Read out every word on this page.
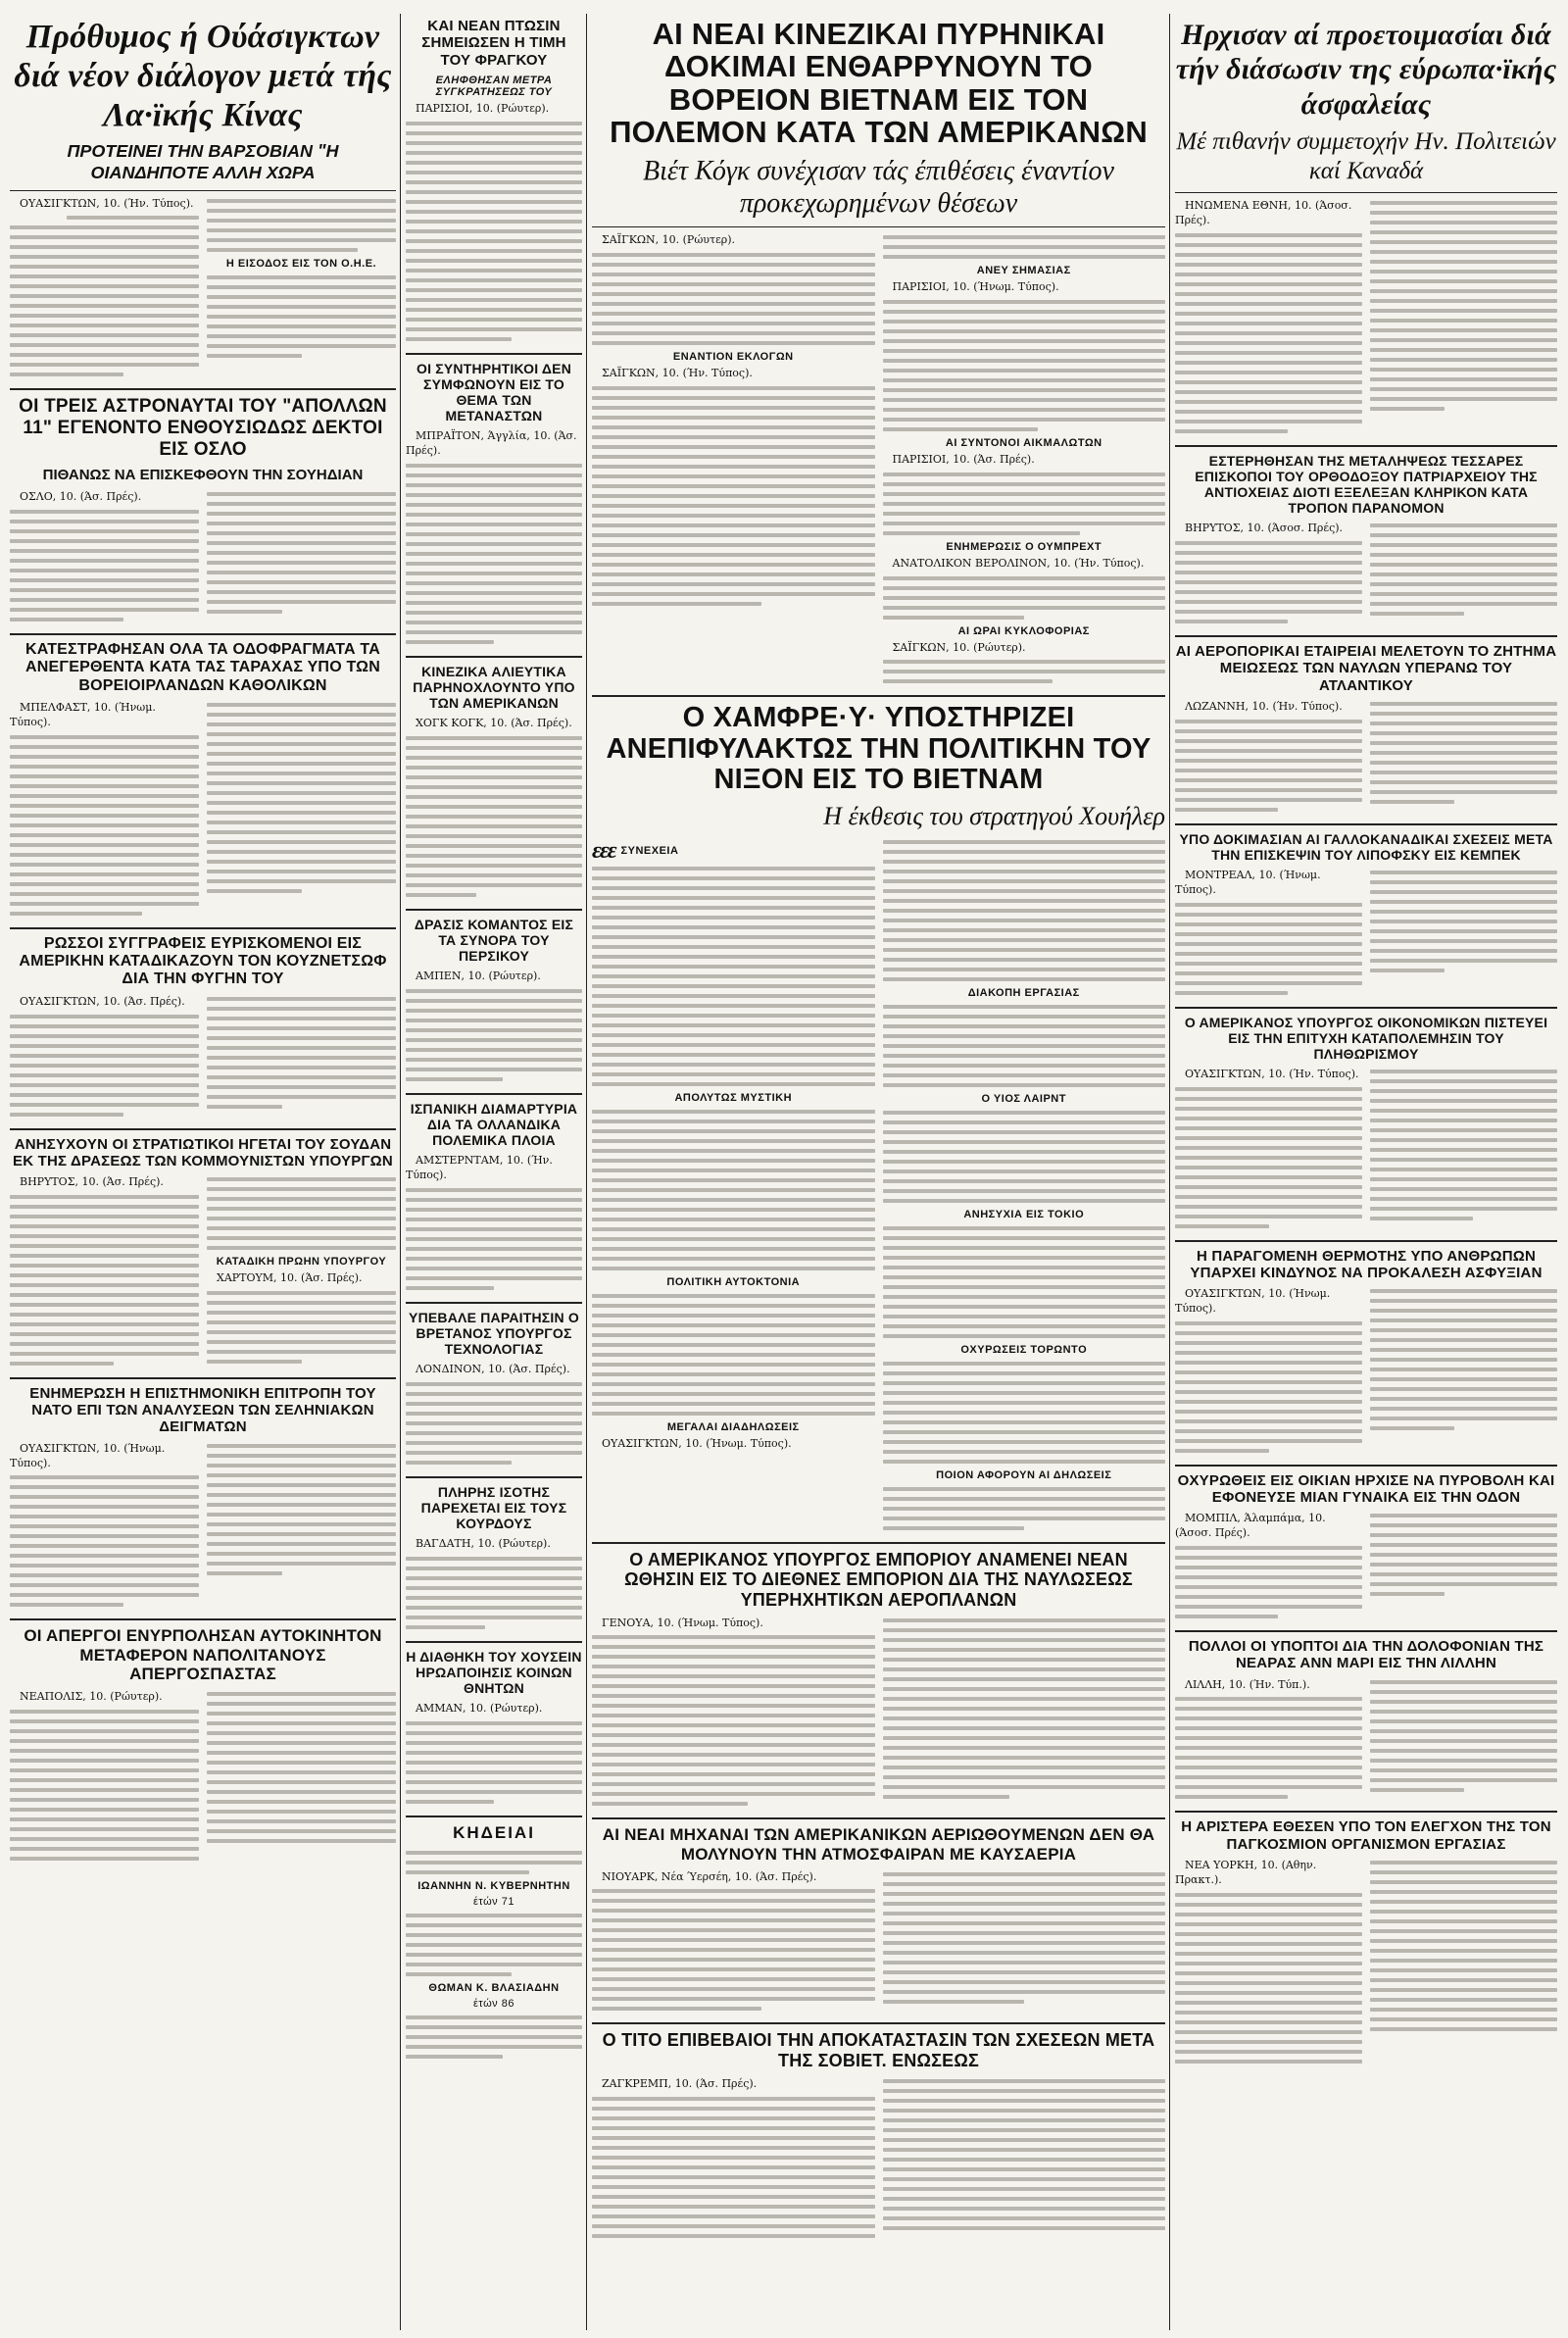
Πρόθυμος ή Ούάσιγκτων διά νέον διάλογον μετά τής Λα·ϊκής Κίνας
ΠΡΟΤΕΙΝΕΙ ΤΗΝ ΒΑΡΣΟΒΙΑΝ "Η ΟΙΑΝΔΗΠΟΤΕ ΑΛΛΗ ΧΩΡΑ
ΟΥΑΣΙΓΚΤΩΝ, 10. (Ήν. Τύπος).
Η ΕΙΣΟΔΟΣ ΕΙΣ ΤΟΝ Ο.Η.Ε.
ΟΙ ΤΡΕΙΣ ΑΣΤΡΟΝΑΥΤΑΙ ΤΟΥ "ΑΠΟΛΛΩΝ 11" ΕΓΕΝΟΝΤΟ ΕΝΘΟΥΣΙΩΔΩΣ ΔΕΚΤΟΙ ΕΙΣ ΟΣΛΟ
ΠΙΘΑΝΩΣ ΝΑ ΕΠΙΣΚΕΦΘΟΥΝ ΤΗΝ ΣΟΥΗΔΙΑΝ
ΟΣΛΟ, 10. (Άσ. Πρές).
ΚΑΤΕΣΤΡΑΦΗΣΑΝ ΟΛΑ ΤΑ ΟΔΟΦΡΑΓΜΑΤΑ ΤΑ ΑΝΕΓΕΡΘΕΝΤΑ ΚΑΤΑ ΤΑΣ ΤΑΡΑΧΑΣ ΥΠΟ ΤΩΝ ΒΟΡΕΙΟΙΡΛΑΝΔΩΝ ΚΑΘΟΛΙΚΩΝ
ΜΠΕΛΦΑΣΤ, 10. (Ήνωμ. Τύπος).
ΡΩΣΣΟΙ ΣΥΓΓΡΑΦΕΙΣ ΕΥΡΙΣΚΟΜΕΝΟΙ ΕΙΣ ΑΜΕΡΙΚΗΝ ΚΑΤΑΔΙΚΑΖΟΥΝ ΤΟΝ ΚΟΥΖΝΕΤΣΩΦ ΔΙΑ ΤΗΝ ΦΥΓΗΝ ΤΟΥ
ΟΥΑΣΙΓΚΤΩΝ, 10. (Άσ. Πρές).
ΑΝΗΣΥΧΟΥΝ ΟΙ ΣΤΡΑΤΙΩΤΙΚΟΙ ΗΓΕΤΑΙ ΤΟΥ ΣΟΥΔΑΝ ΕΚ ΤΗΣ ΔΡΑΣΕΩΣ ΤΩΝ ΚΟΜΜΟΥΝΙΣΤΩΝ ΥΠΟΥΡΓΩΝ
ΒΗΡΥΤΟΣ, 10. (Άσ. Πρές).
ΚΑΤΑΔΙΚΗ ΠΡΩΗΝ ΥΠΟΥΡΓΟΥ
ΧΑΡΤΟΥΜ, 10. (Άσ. Πρές).
ΕΝΗΜΕΡΩΣΗ Η ΕΠΙΣΤΗΜΟΝΙΚΗ ΕΠΙΤΡΟΠΗ ΤΟΥ ΝΑΤΟ ΕΠΙ ΤΩΝ ΑΝΑΛΥΣΕΩΝ ΤΩΝ ΣΕΛΗΝΙΑΚΩΝ ΔΕΙΓΜΑΤΩΝ
ΟΥΑΣΙΓΚΤΩΝ, 10. (Ήνωμ. Τύπος).
ΟΙ ΑΠΕΡΓΟΙ ΕΝΥΡΠΟΛΗΣΑΝ ΑΥΤΟΚΙΝΗΤΟΝ ΜΕΤΑΦΕΡΟΝ ΝΑΠΟΛΙΤΑΝΟΥΣ ΑΠΕΡΓΟΣΠΑΣΤΑΣ
ΝΕΑΠΟΛΙΣ, 10. (Ρώυτερ).
ΚΑΙ ΝΕΑΝ ΠΤΩΣΙΝ ΣΗΜΕΙΩΣΕΝ Η ΤΙΜΗ ΤΟΥ ΦΡΑΓΚΟΥ
ΕΛΗΦΘΗΣΑΝ ΜΕΤΡΑ ΣΥΓΚΡΑΤΗΣΕΩΣ ΤΟΥ
ΠΑΡΙΣΙΟΙ, 10. (Ρώυτερ).
ΟΙ ΣΥΝΤΗΡΗΤΙΚΟΙ ΔΕΝ ΣΥΜΦΩΝΟΥΝ ΕΙΣ ΤΟ ΘΕΜΑ ΤΩΝ ΜΕΤΑΝΑΣΤΩΝ
ΜΠΡΑΪΤΟΝ, Άγγλία, 10. (Άσ. Πρές).
ΚΙΝΕΖΙΚΑ ΑΛΙΕΥΤΙΚΑ ΠΑΡΗΝΟΧΛΟΥΝΤΟ ΥΠΟ ΤΩΝ ΑΜΕΡΙΚΑΝΩΝ
ΧΟΓΚ ΚΟΓΚ, 10. (Άσ. Πρές).
ΔΡΑΣΙΣ ΚΟΜΑΝΤΟΣ ΕΙΣ ΤΑ ΣΥΝΟΡΑ ΤΟΥ ΠΕΡΣΙΚΟΥ
ΑΜΠΕΝ, 10. (Ρώυτερ).
ΙΣΠΑΝΙΚΗ ΔΙΑΜΑΡΤΥΡΙΑ ΔΙΑ ΤΑ ΟΛΛΑΝΔΙΚΑ ΠΟΛΕΜΙΚΑ ΠΛΟΙΑ
ΑΜΣΤΕΡΝΤΑΜ, 10. (Ήν. Τύπος).
ΥΠΕΒΑΛΕ ΠΑΡΑΙΤΗΣΙΝ Ο ΒΡΕΤΑΝΟΣ ΥΠΟΥΡΓΟΣ ΤΕΧΝΟΛΟΓΙΑΣ
ΛΟΝΔΙΝΟΝ, 10. (Άσ. Πρές).
ΠΛΗΡΗΣ ΙΣΟΤΗΣ ΠΑΡΕΧΕΤΑΙ ΕΙΣ ΤΟΥΣ ΚΟΥΡΔΟΥΣ
ΒΑΓΔΑΤΗ, 10. (Ρώυτερ).
Η ΔΙΑΘΗΚΗ ΤΟΥ ΧΟΥΣΕΙΝ ΗΡΩΑΠΟΙΗΣΙΣ ΚΟΙΝΩΝ ΘΝΗΤΩΝ
ΑΜΜΑΝ, 10. (Ρώυτερ).
ΚΗΔΕΙΑΙ
ΙΩΑΝΝΗΝ Ν. ΚΥΒΕΡΝΗΤΗΝ
έτών 71
ΘΩΜΑΝ Κ. ΒΛΑΣΙΑΔΗΝ
έτών 86
ΑΙ ΝΕΑΙ ΚΙΝΕΖΙΚΑΙ ΠΥΡΗΝΙΚΑΙ ΔΟΚΙΜΑΙ ΕΝΘΑΡΡΥΝΟΥΝ ΤΟ ΒΟΡΕΙΟΝ ΒΙΕΤΝΑΜ ΕΙΣ ΤΟΝ ΠΟΛΕΜΟΝ ΚΑΤΑ ΤΩΝ ΑΜΕΡΙΚΑΝΩΝ
Βιέτ Κόγκ συνέχισαν τάς έπιθέσεις έναντίον προκεχωρημένων θέσεων
ΣΑΪΓΚΩΝ, 10. (Ρώυτερ).
ΕΝΑΝΤΙΟΝ ΕΚΛΟΓΩΝ
ΣΑΪΓΚΩΝ, 10. (Ήν. Τύπος).
ΑΝΕΥ ΣΗΜΑΣΙΑΣ
ΠΑΡΙΣΙΟΙ, 10. (Ήνωμ. Τύπος).
ΑΙ ΣΥΝΤΟΝΟΙ ΑΙΚΜΑΛΩΤΩΝ
ΠΑΡΙΣΙΟΙ, 10. (Άσ. Πρές).
ΕΝΗΜΕΡΩΣΙΣ Ο ΟΥΜΠΡΕΧΤ
ΑΝΑΤΟΛΙΚΟΝ ΒΕΡΟΛΙΝΟΝ, 10. (Ήν. Τύπος).
ΑΙ ΩΡΑΙ ΚΥΚΛΟΦΟΡΙΑΣ
ΣΑΪΓΚΩΝ, 10. (Ρώυτερ).
Ο ΧΑΜΦΡΕ·Υ· ΥΠΟΣΤΗΡΙΖΕΙ ΑΝΕΠΙΦΥΛΑΚΤΩΣ ΤΗΝ ΠΟΛΙΤΙΚΗΝ ΤΟΥ ΝΙΞΟΝ ΕΙΣ ΤΟ ΒΙΕΤΝΑΜ
Η έκθεσις του στρατηγού Χουήλερ
εεε ΣΥΝΕΧΕΙΑ
ΑΠΟΛΥΤΩΣ ΜΥΣΤΙΚΗ
ΠΟΛΙΤΙΚΗ ΑΥΤΟΚΤΟΝΙΑ
ΜΕΓΑΛΑΙ ΔΙΑΔΗΛΩΣΕΙΣ
ΟΥΑΣΙΓΚΤΩΝ, 10. (Ήνωμ. Τύπος).
ΔΙΑΚΟΠΗ ΕΡΓΑΣΙΑΣ
Ο ΥΙΟΣ ΛΑΙΡΝΤ
ΑΝΗΣΥΧΙΑ ΕΙΣ ΤΟΚΙΟ
ΟΧΥΡΩΣΕΙΣ ΤΟΡΩΝΤΟ
ΠΟΙΟΝ ΑΦΟΡΟΥΝ ΑΙ ΔΗΛΩΣΕΙΣ
Ο ΑΜΕΡΙΚΑΝΟΣ ΥΠΟΥΡΓΟΣ ΕΜΠΟΡΙΟΥ ΑΝΑΜΕΝΕΙ ΝΕΑΝ ΩΘΗΣΙΝ ΕΙΣ ΤΟ ΔΙΕΘΝΕΣ ΕΜΠΟΡΙΟΝ ΔΙΑ ΤΗΣ ΝΑΥΛΩΣΕΩΣ ΥΠΕΡΗΧΗΤΙΚΩΝ ΑΕΡΟΠΛΑΝΩΝ
ΓΕΝΟΥΑ, 10. (Ήνωμ. Τύπος).
ΑΙ ΝΕΑΙ ΜΗΧΑΝΑΙ ΤΩΝ ΑΜΕΡΙΚΑΝΙΚΩΝ ΑΕΡΙΩΘΟΥΜΕΝΩΝ ΔΕΝ ΘΑ ΜΟΛΥΝΟΥΝ ΤΗΝ ΑΤΜΟΣΦΑΙΡΑΝ ΜΕ ΚΑΥΣΑΕΡΙΑ
ΝΙΟΥΑΡΚ, Νέα Ύερσέη, 10. (Άσ. Πρές).
Ο ΤΙΤΟ ΕΠΙΒΕΒΑΙΟΙ ΤΗΝ ΑΠΟΚΑΤΑΣΤΑΣΙΝ ΤΩΝ ΣΧΕΣΕΩΝ ΜΕΤΑ ΤΗΣ ΣΟΒΙΕΤ. ΕΝΩΣΕΩΣ
ΖΑΓΚΡΕΜΠ, 10. (Άσ. Πρές).
Ηρχισαν αί προετοιμασίαι διά τήν διάσωσιν της εύρωπα·ϊκής άσφαλείας
Μέ πιθανήν συμμετοχήν Ην. Πολιτειών καί Καναδά
ΗΝΩΜΕΝΑ ΕΘΝΗ, 10. (Άσοσ. Πρές).
ΕΣΤΕΡΗΘΗΣΑΝ ΤΗΣ ΜΕΤΑΛΗΨΕΩΣ ΤΕΣΣΑΡΕΣ ΕΠΙΣΚΟΠΟΙ ΤΟΥ ΟΡΘΟΔΟΞΟΥ ΠΑΤΡΙΑΡΧΕΙΟΥ ΤΗΣ ΑΝΤΙΟΧΕΙΑΣ ΔΙΟΤΙ ΕΞΕΛΕΞΑΝ ΚΛΗΡΙΚΟΝ ΚΑΤΑ ΤΡΟΠΟΝ ΠΑΡΑΝΟΜΟΝ
ΒΗΡΥΤΟΣ, 10. (Άσοσ. Πρές).
ΑΙ ΑΕΡΟΠΟΡΙΚΑΙ ΕΤΑΙΡΕΙΑΙ ΜΕΛΕΤΟΥΝ ΤΟ ΖΗΤΗΜΑ ΜΕΙΩΣΕΩΣ ΤΩΝ ΝΑΥΛΩΝ ΥΠΕΡΑΝΩ ΤΟΥ ΑΤΛΑΝΤΙΚΟΥ
ΛΩΖΑΝΝΗ, 10. (Ήν. Τύπος).
ΥΠΟ ΔΟΚΙΜΑΣΙΑΝ ΑΙ ΓΑΛΛΟΚΑΝΑΔΙΚΑΙ ΣΧΕΣΕΙΣ ΜΕΤΑ ΤΗΝ ΕΠΙΣΚΕΨΙΝ ΤΟΥ ΛΙΠΟΦΣΚΥ ΕΙΣ ΚΕΜΠΕΚ
ΜΟΝΤΡΕΑΛ, 10. (Ήνωμ. Τύπος).
Ο ΑΜΕΡΙΚΑΝΟΣ ΥΠΟΥΡΓΟΣ ΟΙΚΟΝΟΜΙΚΩΝ ΠΙΣΤΕΥΕΙ ΕΙΣ ΤΗΝ ΕΠΙΤΥΧΗ ΚΑΤΑΠΟΛΕΜΗΣΙΝ ΤΟΥ ΠΛΗΘΩΡΙΣΜΟΥ
ΟΥΑΣΙΓΚΤΩΝ, 10. (Ήν. Τύπος).
Η ΠΑΡΑΓΟΜΕΝΗ ΘΕΡΜΟΤΗΣ ΥΠΟ ΑΝΘΡΩΠΩΝ ΥΠΑΡΧΕΙ ΚΙΝΔΥΝΟΣ ΝΑ ΠΡΟΚΑΛΕΣΗ ΑΣΦΥΞΙΑΝ
ΟΥΑΣΙΓΚΤΩΝ, 10. (Ήνωμ. Τύπος).
ΟΧΥΡΩΘΕΙΣ ΕΙΣ ΟΙΚΙΑΝ ΗΡΧΙΣΕ ΝΑ ΠΥΡΟΒΟΛΗ ΚΑΙ ΕΦΟΝΕΥΣΕ ΜΙΑΝ ΓΥΝΑΙΚΑ ΕΙΣ ΤΗΝ ΟΔΟΝ
ΜΟΜΠΙΛ, Άλαμπάμα, 10. (Άσοσ. Πρές).
ΠΟΛΛΟΙ ΟΙ ΥΠΟΠΤΟΙ ΔΙΑ ΤΗΝ ΔΟΛΟΦΟΝΙΑΝ ΤΗΣ ΝΕΑΡΑΣ ΑΝΝ ΜΑΡΙ ΕΙΣ ΤΗΝ ΛΙΛΛΗΝ
ΛΙΛΛΗ, 10. (Ήν. Τύπ.).
Η ΑΡΙΣΤΕΡΑ ΕΘΕΣΕΝ ΥΠΟ ΤΟΝ ΕΛΕΓΧΟΝ ΤΗΣ ΤΟΝ ΠΑΓΚΟΣΜΙΟΝ ΟΡΓΑΝΙΣΜΟΝ ΕΡΓΑΣΙΑΣ
ΝΕΑ ΥΟΡΚΗ, 10. (Αθην. Πρακτ.).
